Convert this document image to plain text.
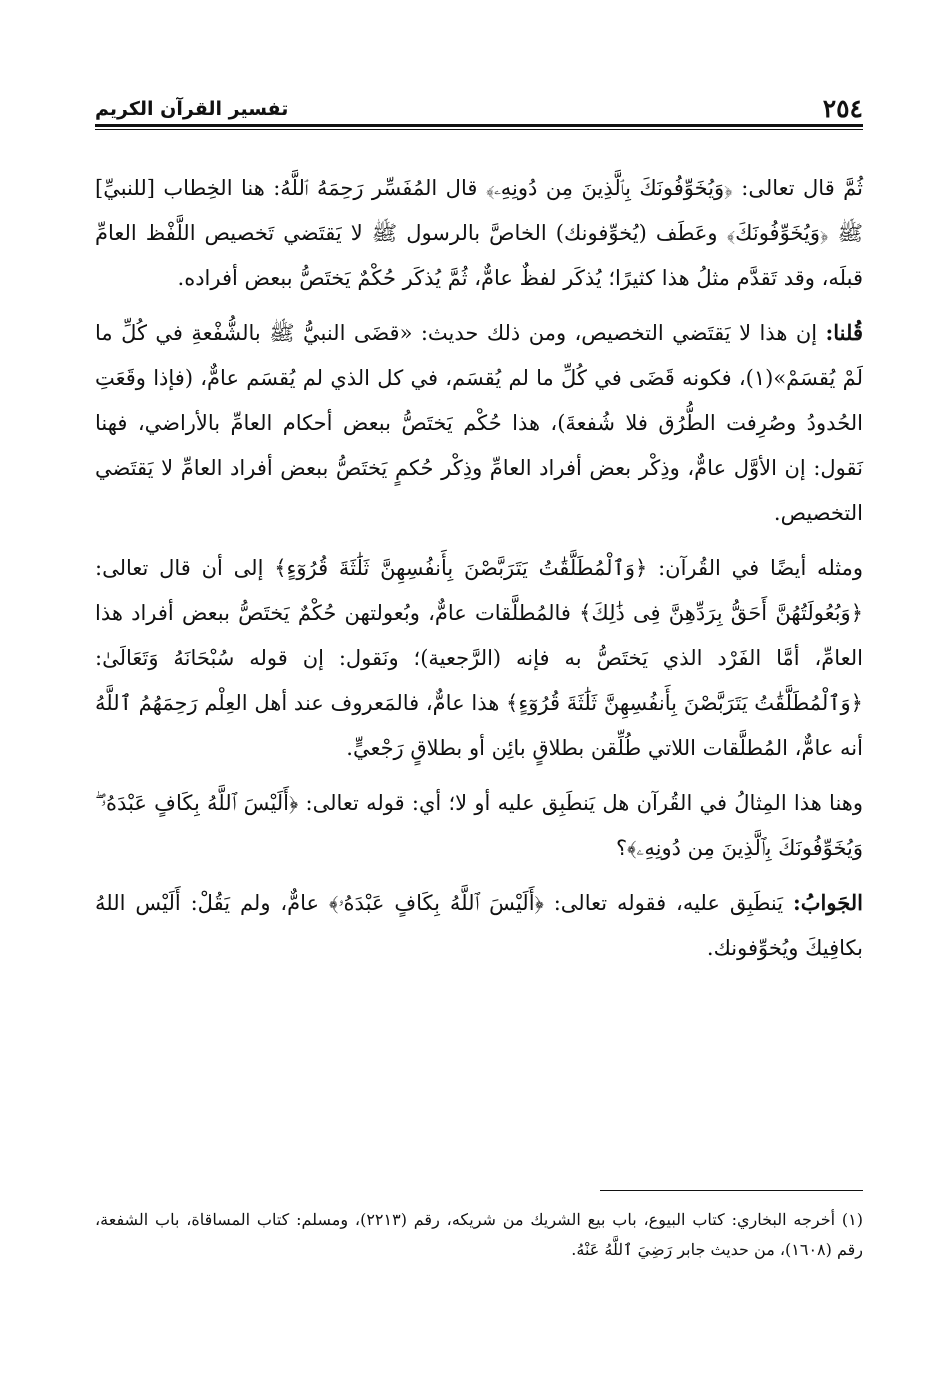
٢٥٤
تفسير القرآن الكريم

ثُمَّ قال تعالى: ﴿وَيُخَوِّفُونَكَ بِٱلَّذِينَ مِن دُونِهِۦ﴾ قال المُفَسِّر رَحِمَهُ ٱللَّهُ: هنا الخِطاب [للنبيِّ] ﷺ ﴿وَيُخَوِّفُونَكَ﴾ وعَطَف (يُخوِّفونك) الخاصَّ بالرسول ﷺ لا يَقتَضي تَخصيص اللَّفْظ العامِّ قبلَه، وقد تَقدَّم مثلُ هذا كثيرًا؛ يُذكَر لفظٌ عامٌّ، ثُمَّ يُذكَر حُكْمٌ يَختَصُّ ببعض أفراده.

قُلنا: إن هذا لا يَقتَضي التخصيص، ومن ذلك حديث: «قضَى النبيُّ ﷺ بالشُّفْعةِ في كُلِّ ما لَمْ يُقسَمْ»(١)، فكونه قَضَى في كُلِّ ما لم يُقسَم، في كل الذي لم يُقسَم عامٌّ، (فإذا وقَعَتِ الحُدودُ وصُرِفت الطُّرُق فلا شُفعةَ)، هذا حُكْم يَختَصُّ ببعض أحكام العامِّ بالأراضي، فهنا نَقول: إن الأوَّل عامٌّ، وذِكْر بعض أفراد العامِّ وذِكْر حُكمٍ يَختَصُّ ببعض أفراد العامِّ لا يَقتَضي التخصيص.

ومثله أيضًا في القُرآن: ﴿وَٱلْمُطَلَّقَٰتُ يَتَرَبَّصْنَ بِأَنفُسِهِنَّ ثَلَٰثَةَ قُرُوٓءٍ﴾ إلى أن قال تعالى: ﴿وَبُعُولَتُهُنَّ أَحَقُّ بِرَدِّهِنَّ فِى ذَٰلِكَ﴾ فالمُطلَّقات عامٌّ، وبُعولتهن حُكْمٌ يَختَصُّ ببعض أفراد هذا العامِّ، أمَّا الفَرْد الذي يَختَصُّ به فإنه (الرَّجعية)؛ ونَقول: إن قوله سُبْحَانَهُ وَتَعَالَىٰ: ﴿وَٱلْمُطَلَّقَٰتُ يَتَرَبَّصْنَ بِأَنفُسِهِنَّ ثَلَٰثَةَ قُرُوٓءٍ﴾ هذا عامٌّ، فالمَعروف عند أهل العِلْم رَحِمَهُمُ ٱللَّهُ أنه عامٌّ، المُطلَّقات اللاتي طُلِّقن بطلاقٍ بائِن أو بطلاقٍ رَجْعيٍّ.

وهنا هذا المِثالُ في القُرآن هل يَنطَبِق عليه أو لا؛ أي: قوله تعالى: ﴿أَلَيْسَ ٱللَّهُ بِكَافٍ عَبْدَهُۥ ۖ وَيُخَوِّفُونَكَ بِٱلَّذِينَ مِن دُونِهِۦ﴾؟

الجَوابُ: يَنطَبِق عليه، فقوله تعالى: ﴿أَلَيْسَ ٱللَّهُ بِكَافٍ عَبْدَهُۥ﴾ عامٌّ، ولم يَقُلْ: أَلَيْس اللهُ بكافِيكَ ويُخوِّفونك.

(١) أخرجه البخاري: كتاب البيوع، باب بيع الشريك من شريكه، رقم (٢٢١٣)، ومسلم: كتاب المساقاة، باب الشفعة، رقم (١٦٠٨)، من حديث جابر رَضِيَ ٱللَّهُ عَنْهُ.
